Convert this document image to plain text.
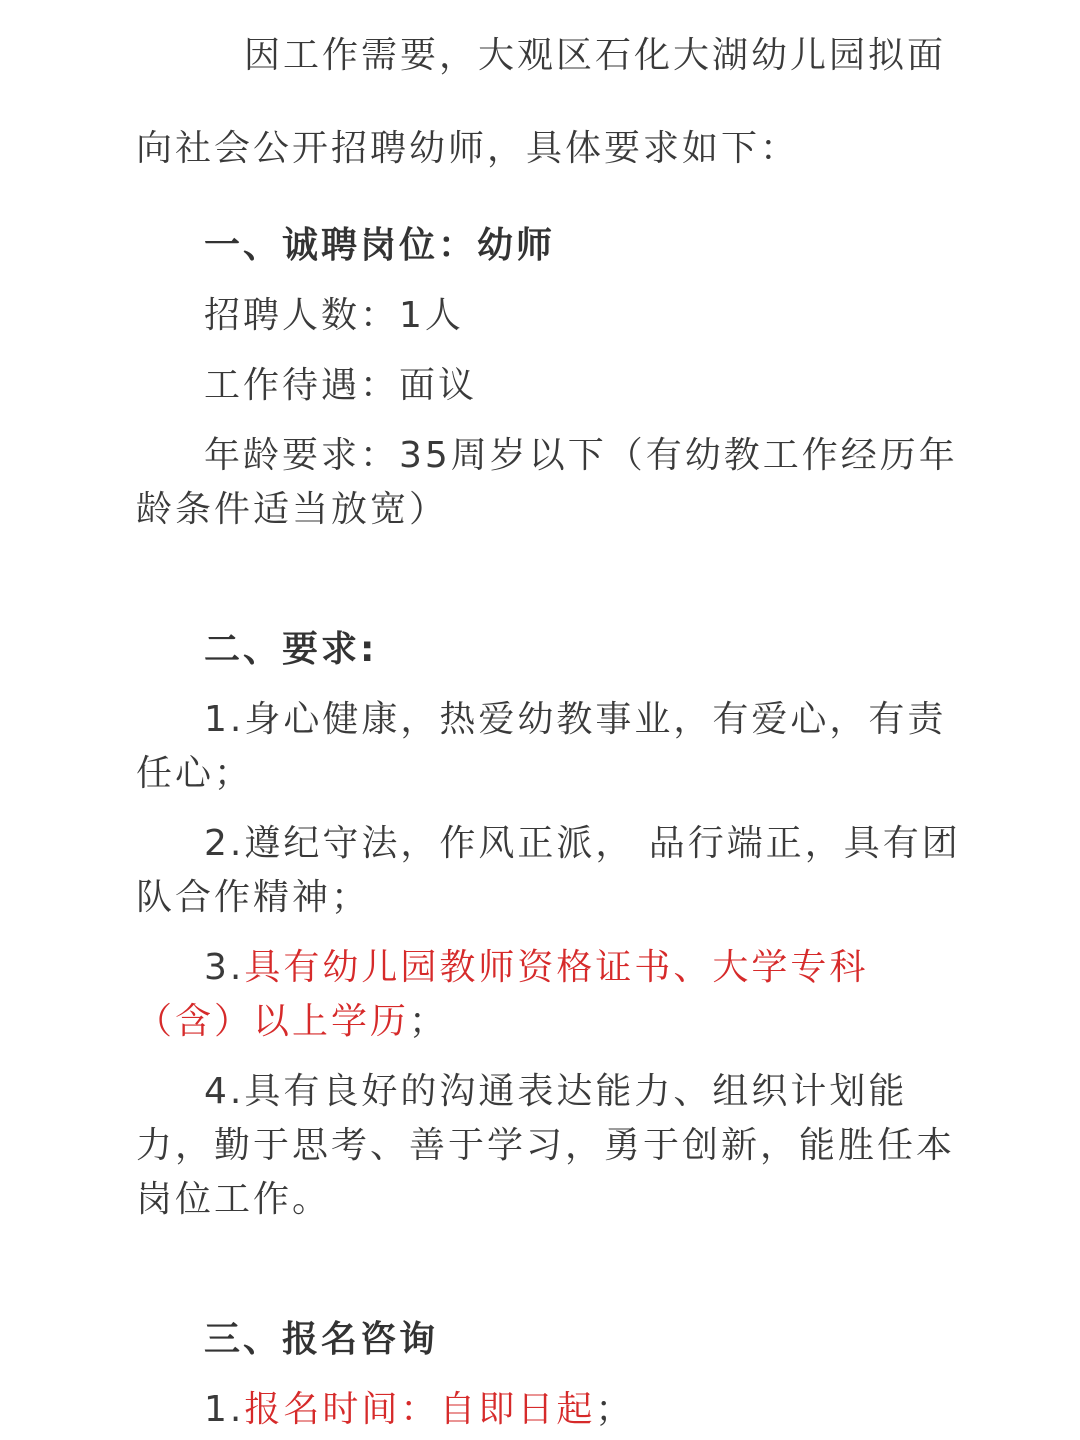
因工作需要，大观区石化大湖幼儿园拟面
向社会公开招聘幼师，具体要求如下：
一、诚聘岗位：幼师
招聘人数：1人
工作待遇：面议
年龄要求：35周岁以下（有幼教工作经历年
龄条件适当放宽）
二、要求:
1.身心健康，热爱幼教事业，有爱心，有责
任心；
2.遵纪守法，作风正派， 品行端正，具有团
队合作精神；
3.具有幼儿园教师资格证书、大学专科
（含）以上学历；
4.具有良好的沟通表达能力、组织计划能
力，勤于思考、善于学习，勇于创新，能胜任本
岗位工作。
三、报名咨询
1.报名时间：自即日起；
